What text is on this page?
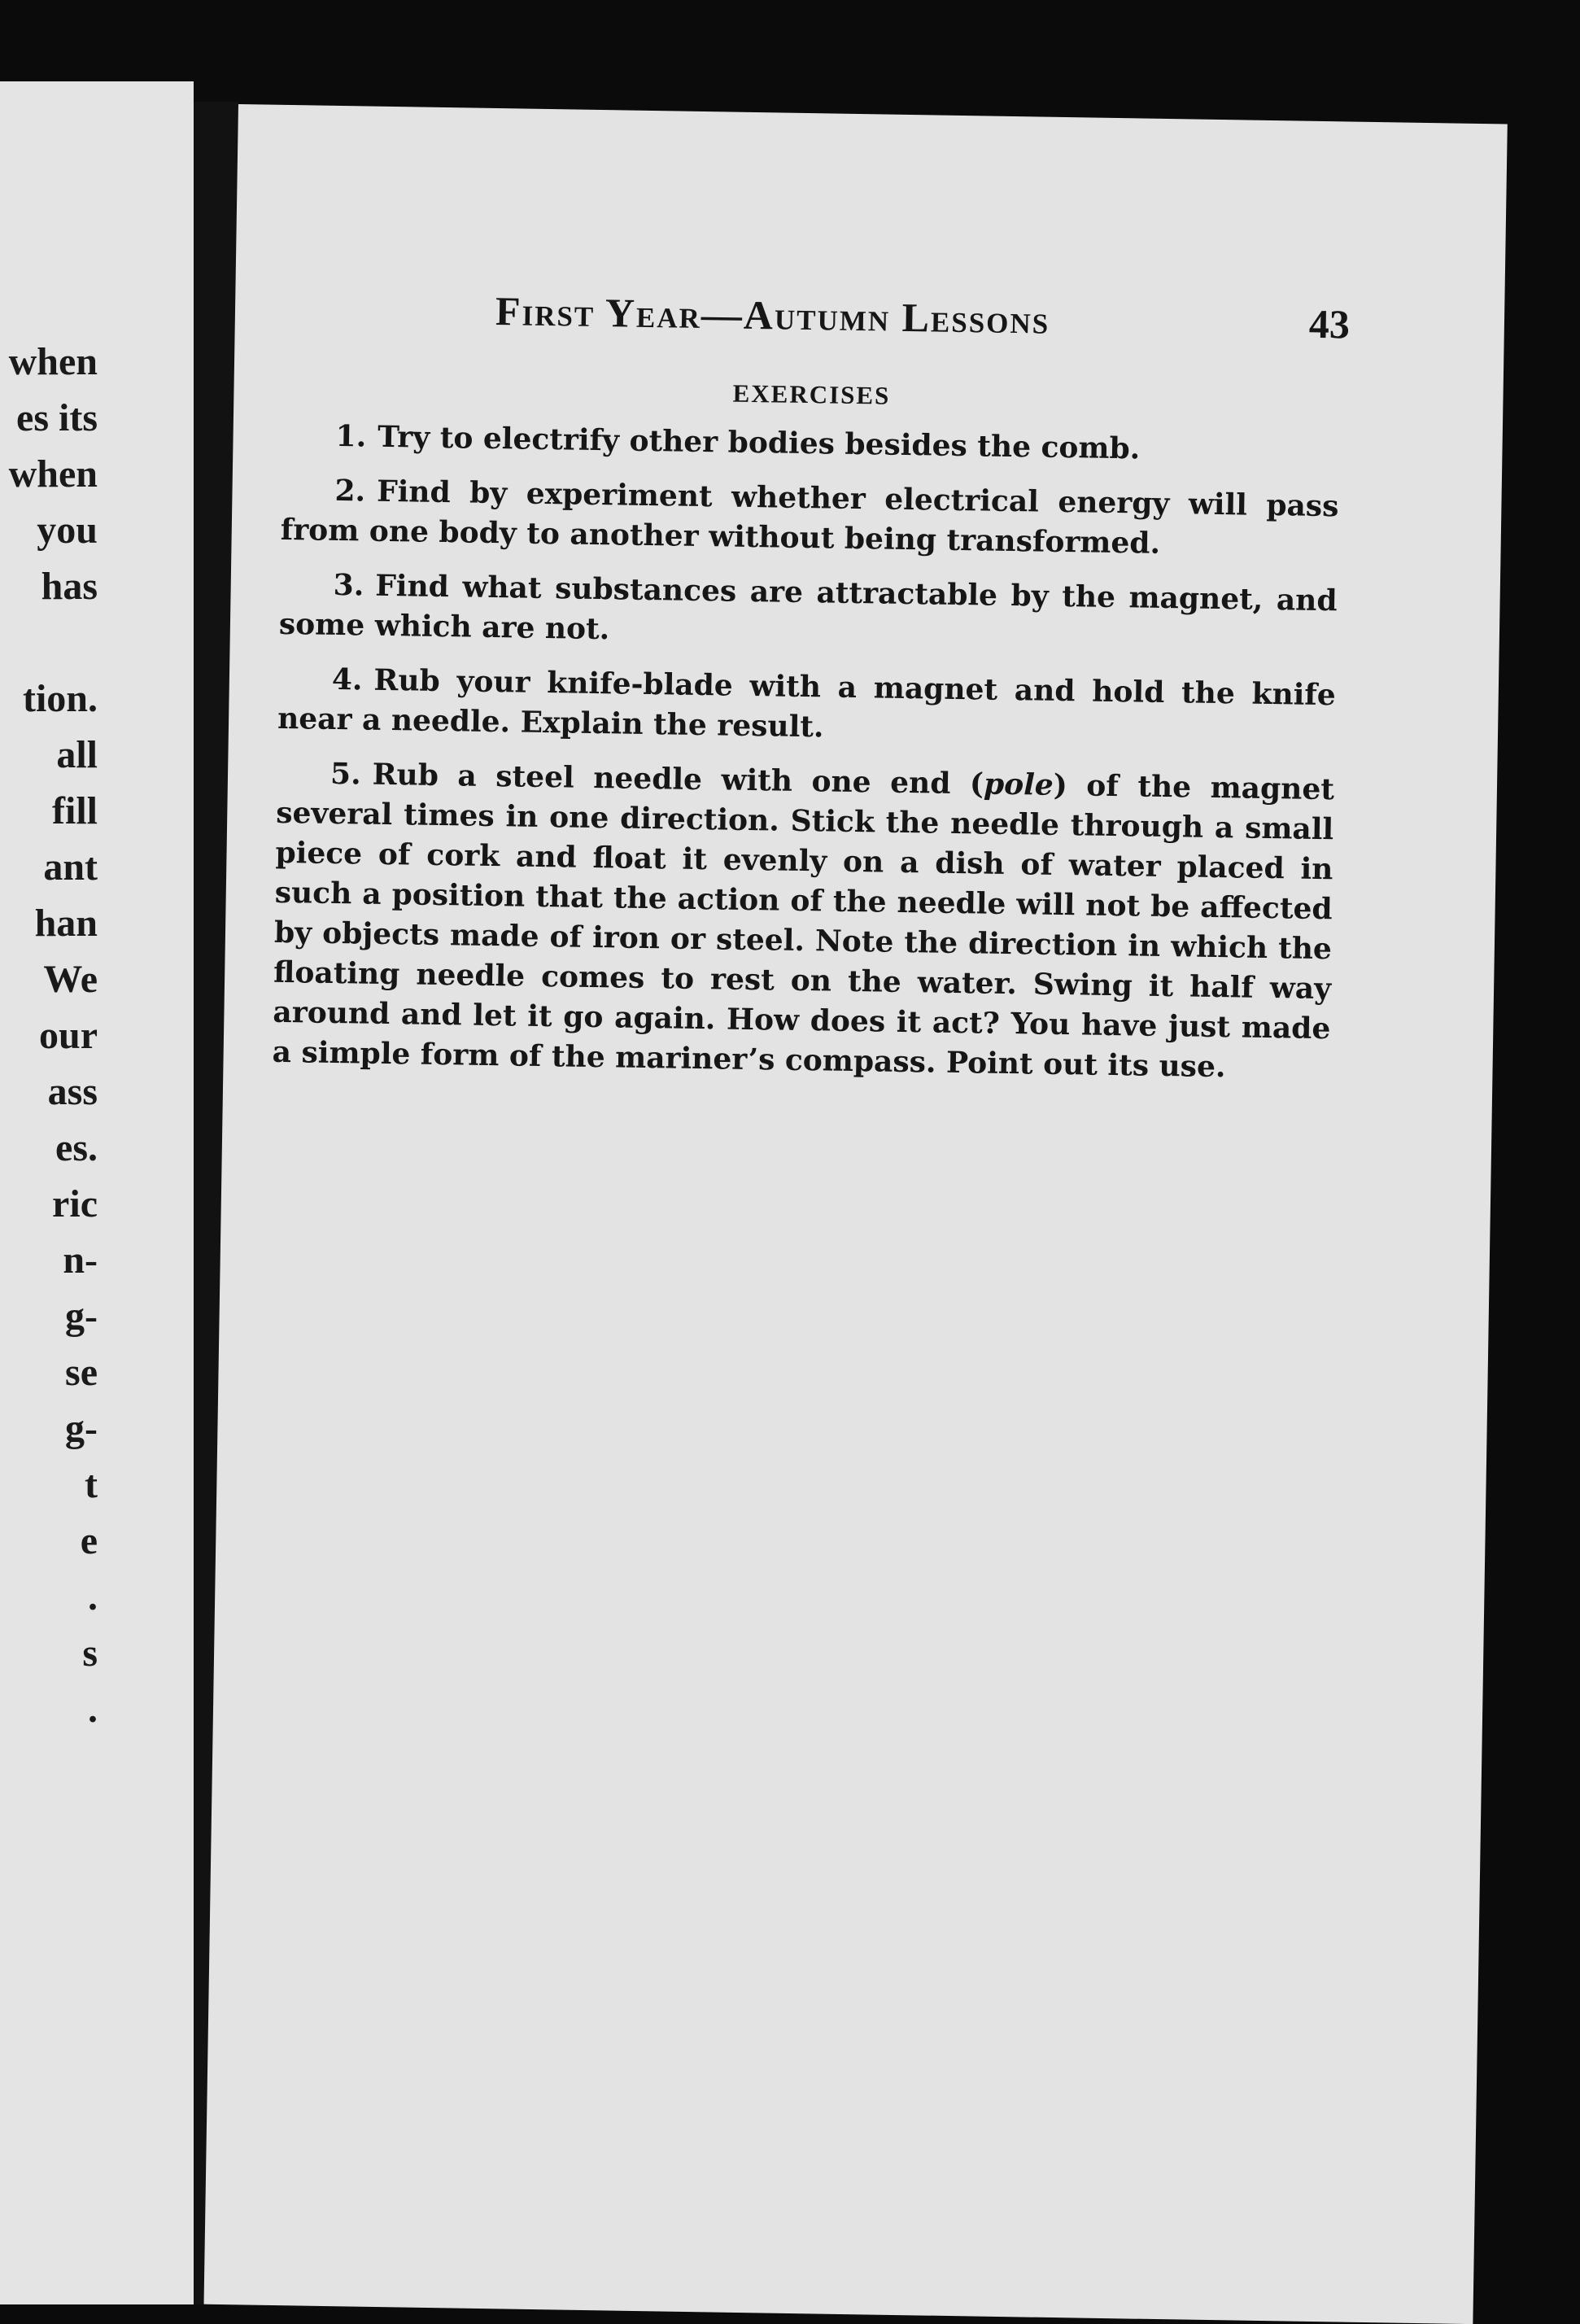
when
es its
when
you
has
tion.
all
fill
ant
han
We
our
ass
es.
ric
n-
g-
se
g-
t
e
.
s
.
First Year—Autumn Lessons	43
EXERCISES

1. Try to electrify other bodies besides the comb.

2. Find by experiment whether electrical energy will pass from one body to another without being transformed.

3. Find what substances are attractable by the magnet, and some which are not.

4. Rub your knife-blade with a magnet and hold the knife near a needle. Explain the result.

5. Rub a steel needle with one end (pole) of the magnet several times in one direction. Stick the needle through a small piece of cork and float it evenly on a dish of water placed in such a position that the action of the needle will not be affected by objects made of iron or steel. Note the direction in which the floating needle comes to rest on the water. Swing it half way around and let it go again. How does it act? You have just made a simple form of the mariner’s compass. Point out its use.
